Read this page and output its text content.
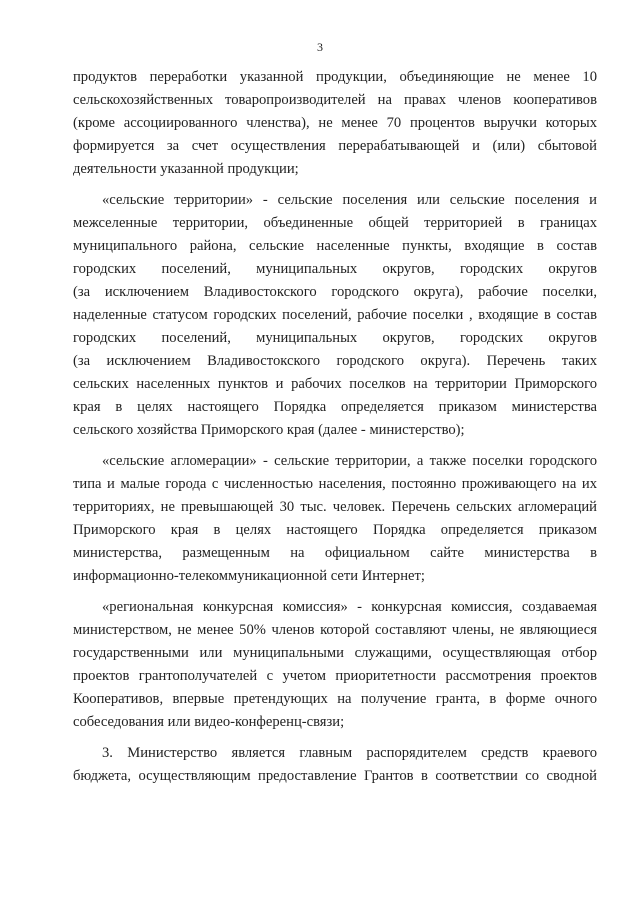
3

продуктов переработки указанной продукции, объединяющие не менее 10

сельскохозяйственных товаропроизводителей на правах членов кооперативов

(кроме ассоциированного членства), не менее 70 процентов выручки которых

формируется за счет осуществления перерабатывающей и (или) сбытовой

деятельности указанной продукции;

«сельские территории» - сельские поселения или сельские поселения и

межселенные территории, объединенные общей территорией в границах

муниципального района, сельские населенные пункты, входящие в состав

городских поселений, муниципальных округов, городских округов

(за исключением Владивостокского городского округа), рабочие поселки,

наделенные статусом городских поселений, рабочие поселки , входящие в состав

городских поселений, муниципальных округов, городских округов

(за исключением Владивостокского городского округа). Перечень таких

сельских населенных пунктов и рабочих поселков на территории Приморского

края в целях настоящего Порядка определяется приказом министерства

сельского хозяйства Приморского края (далее - министерство);

«сельские агломерации» - сельские территории, а также поселки городского

типа и малые города с численностью населения, постоянно проживающего на их

территориях, не превышающей 30 тыс. человек. Перечень сельских агломераций

Приморского края в целях настоящего Порядка определяется приказом

министерства, размещенным на официальном сайте министерства в

информационно-телекоммуникационной сети Интернет;

«региональная конкурсная комиссия» - конкурсная комиссия, создаваемая

министерством, не менее 50% членов которой составляют члены, не являющиеся

государственными или муниципальными служащими, осуществляющая отбор

проектов грантополучателей с учетом приоритетности рассмотрения проектов

Кооперативов, впервые претендующих на получение гранта, в форме очного

собеседования или видео-конференц-связи;

3. Министерство является главным распорядителем средств краевого

бюджета, осуществляющим предоставление Грантов в соответствии со сводной
